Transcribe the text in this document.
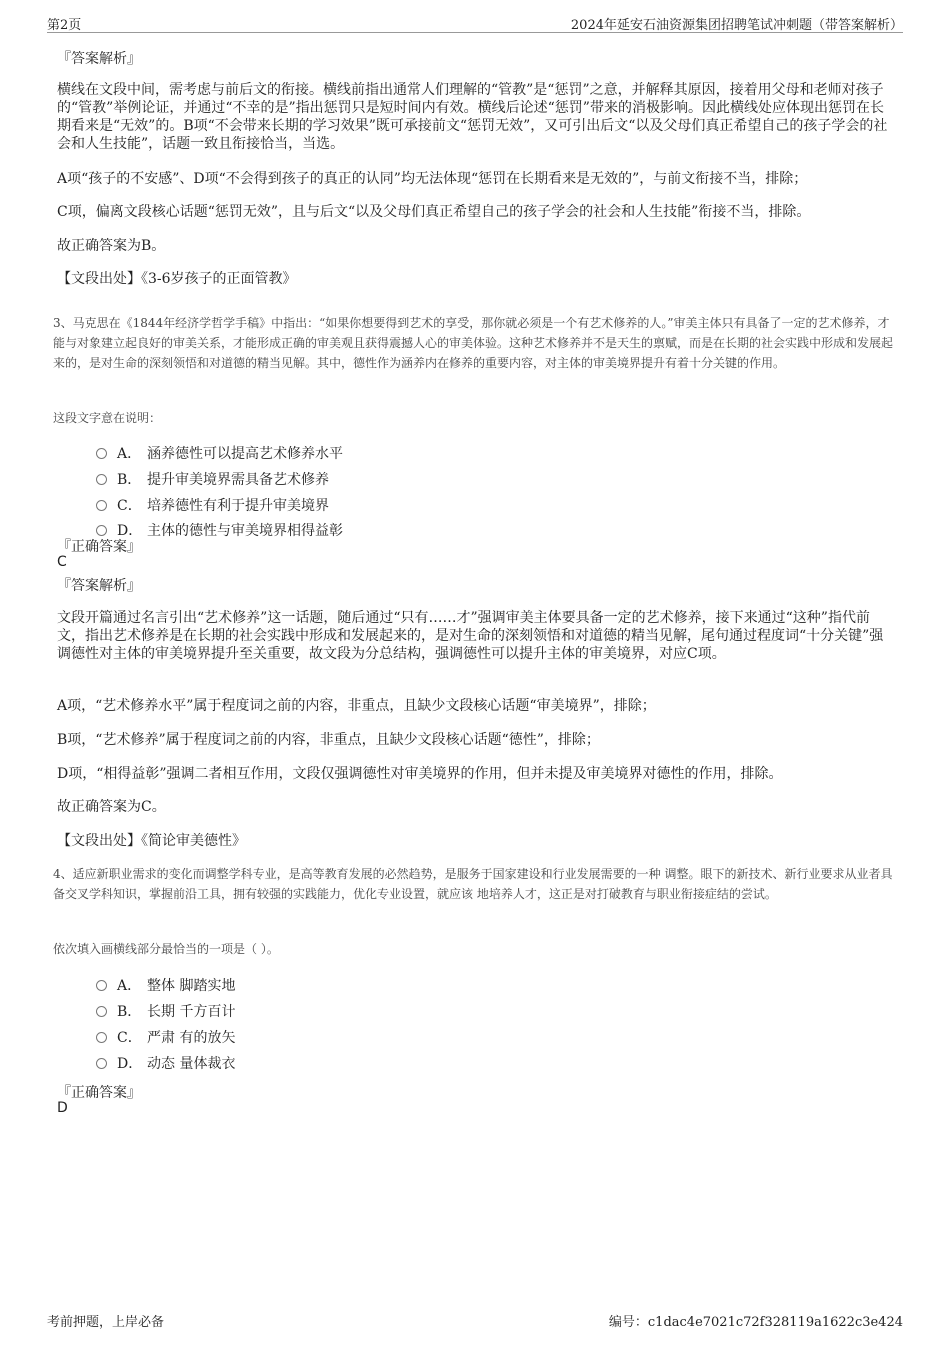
第2页	2024年延安石油资源集团招聘笔试冲刺题（带答案解析）
『答案解析』

横线在文段中间，需考虑与前后文的衔接。横线前指出通常人们理解的“管教”是“惩罚”之意，并解释其原因，接着用父母和老师对孩子的“管教”举例论证，并通过“不幸的是”指出惩罚只是短时间内有效。横线后论述“惩罚”带来的消极影响。因此横线处应体现出惩罚在长期看来是“无效”的。B项“不会带来长期的学习效果”既可承接前文“惩罚无效”，又可引出后文“以及父母们真正希望自己的孩子学会的社会和人生技能”，话题一致且衔接恰当，当选。

A项“孩子的不安感”、D项“不会得到孩子的真正的认同”均无法体现“惩罚在长期看来是无效的”，与前文衔接不当，排除；

C项，偏离文段核心话题“惩罚无效”，且与后文“以及父母们真正希望自己的孩子学会的社会和人生技能”衔接不当，排除。

故正确答案为B。

【文段出处】《3-6岁孩子的正面管教》

3、马克思在《1844年经济学哲学手稿》中指出：“如果你想要得到艺术的享受，那你就必须是一个有艺术修养的人。”审美主体只有具备了一定的艺术修养，才能与对象建立起良好的审美关系，才能形成正确的审美观且获得震撼人心的审美体验。这种艺术修养并不是天生的禀赋，而是在长期的社会实践中形成和发展起来的，是对生命的深刻领悟和对道德的精当见解。其中，德性作为涵养内在修养的重要内容，对主体的审美境界提升有着十分关键的作用。

这段文字意在说明：

A． 涵养德性可以提高艺术修养水平
B． 提升审美境界需具备艺术修养
C． 培养德性有利于提升审美境界
D． 主体的德性与审美境界相得益彰
『正确答案』
C
『答案解析』

文段开篇通过名言引出“艺术修养”这一话题，随后通过“只有……才”强调审美主体要具备一定的艺术修养，接下来通过“这种”指代前文，指出艺术修养是在长期的社会实践中形成和发展起来的，是对生命的深刻领悟和对道德的精当见解，尾句通过程度词“十分关键”强调德性对主体的审美境界提升至关重要，故文段为分总结构，强调德性可以提升主体的审美境界，对应C项。

A项，“艺术修养水平”属于程度词之前的内容，非重点，且缺少文段核心话题“审美境界”，排除；

B项，“艺术修养”属于程度词之前的内容，非重点，且缺少文段核心话题“德性”，排除；

D项，“相得益彰”强调二者相互作用，文段仅强调德性对审美境界的作用，但并未提及审美境界对德性的作用，排除。

故正确答案为C。

【文段出处】《简论审美德性》

4、适应新职业需求的变化而调整学科专业，是高等教育发展的必然趋势，是服务于国家建设和行业发展需要的一种 调整。眼下的新技术、新行业要求从业者具备交叉学科知识，掌握前沿工具，拥有较强的实践能力，优化专业设置，就应该 地培养人才，这正是对打破教育与职业衔接症结的尝试。

依次填入画横线部分最恰当的一项是（ ）。

A． 整体 脚踏实地
B． 长期 千方百计
C． 严肃 有的放矢
D． 动态 量体裁衣
『正确答案』
D
考前押题，上岸必备	编号：c1dac4e7021c72f328119a1622c3e424
